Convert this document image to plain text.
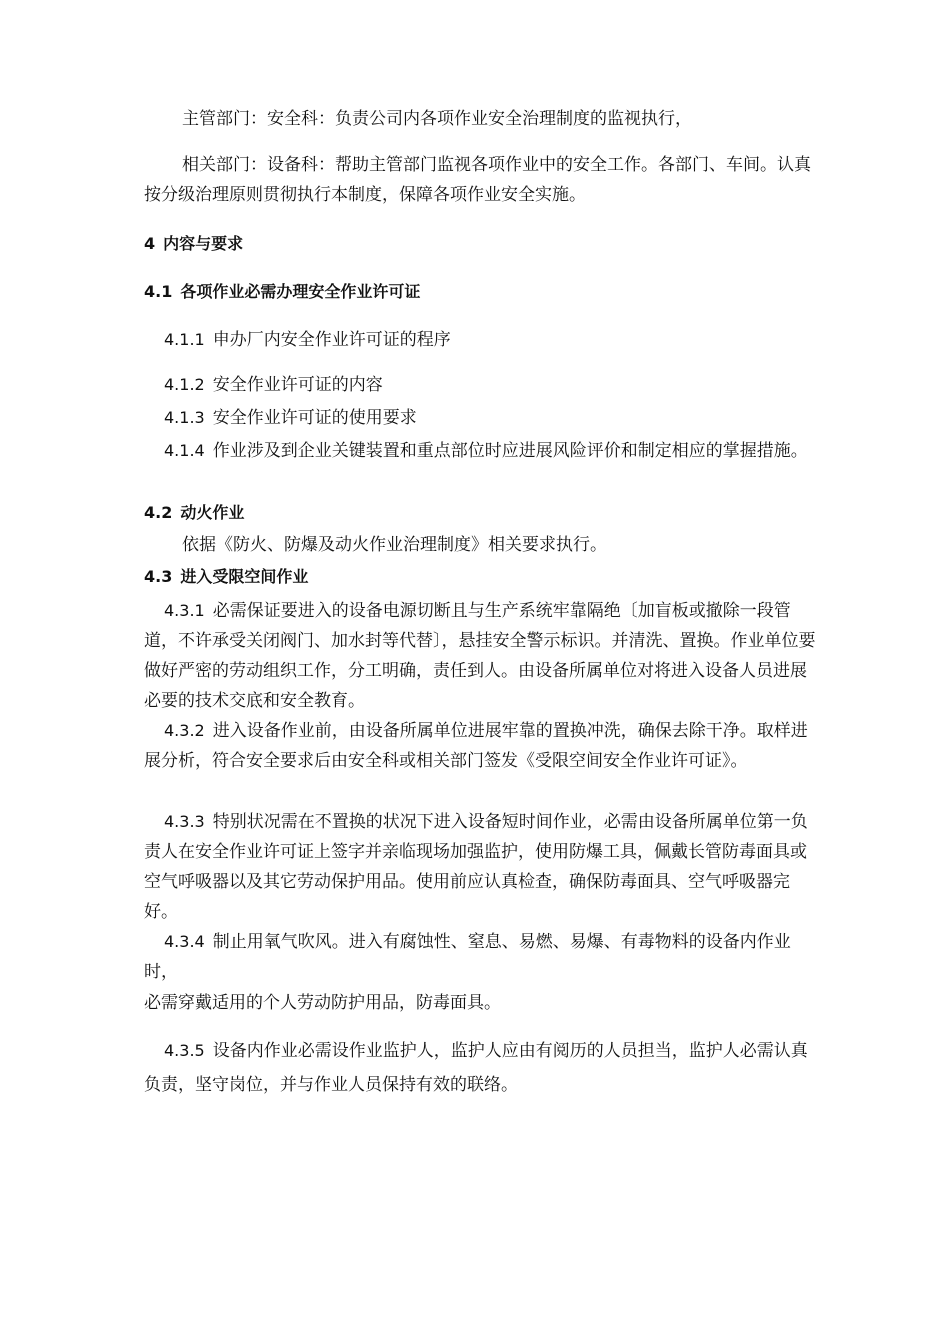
主管部门：安全科：负责公司内各项作业安全治理制度的监视执行，

相关部门：设备科：帮助主管部门监视各项作业中的安全工作。各部门、车间。认真按分级治理原则贯彻执行本制度，保障各项作业安全实施。

4 内容与要求

4.1 各项作业必需办理安全作业许可证

4.1.1 申办厂内安全作业许可证的程序

4.1.2 安全作业许可证的内容

4.1.3 安全作业许可证的使用要求

4.1.4 作业涉及到企业关键装置和重点部位时应进展风险评价和制定相应的掌握措施。

4.2 动火作业

依据《防火、防爆及动火作业治理制度》相关要求执行。

4.3 进入受限空间作业

4.3.1 必需保证要进入的设备电源切断且与生产系统牢靠隔绝〔加盲板或撤除一段管道，不许承受关闭阀门、加水封等代替〕，悬挂安全警示标识。并清洗、置换。作业单位要做好严密的劳动组织工作，分工明确，责任到人。由设备所属单位对将进入设备人员进展必要的技术交底和安全教育。

4.3.2 进入设备作业前，由设备所属单位进展牢靠的置换冲洗，确保去除干净。取样进展分析，符合安全要求后由安全科或相关部门签发《受限空间安全作业许可证》。

4.3.3 特别状况需在不置换的状况下进入设备短时间作业，必需由设备所属单位第一负责人在安全作业许可证上签字并亲临现场加强监护，使用防爆工具，佩戴长管防毒面具或空气呼吸器以及其它劳动保护用品。使用前应认真检查，确保防毒面具、空气呼吸器完好。

4.3.4 制止用氧气吹风。进入有腐蚀性、窒息、易燃、易爆、有毒物料的设备内作业时，

必需穿戴适用的个人劳动防护用品，防毒面具。

4.3.5 设备内作业必需设作业监护人，监护人应由有阅历的人员担当，监护人必需认真负责，坚守岗位，并与作业人员保持有效的联络。
